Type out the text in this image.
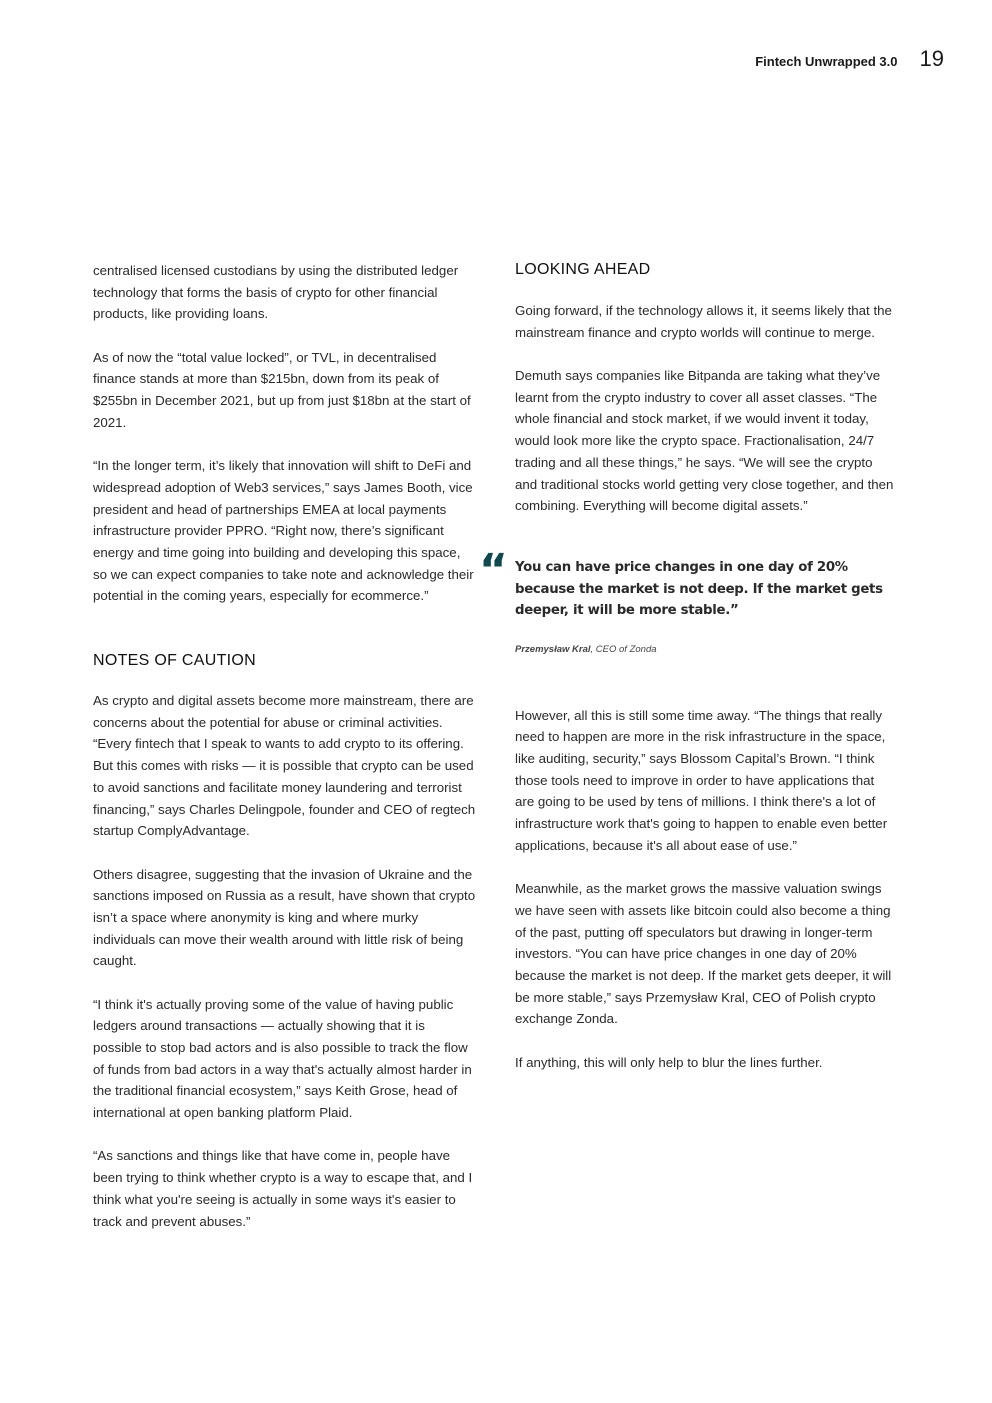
Fintech Unwrapped 3.0 19

centralised licensed custodians by using the distributed ledger technology that forms the basis of crypto for other financial products, like providing loans.

As of now the “total value locked”, or TVL, in decentralised finance stands at more than $215bn, down from its peak of $255bn in December 2021, but up from just $18bn at the start of 2021.

“In the longer term, it’s likely that innovation will shift to DeFi and widespread adoption of Web3 services,” says James Booth, vice president and head of partnerships EMEA at local payments infrastructure provider PPRO. “Right now, there’s significant energy and time going into building and developing this space, so we can expect companies to take note and acknowledge their potential in the coming years, especially for ecommerce.”

NOTES OF CAUTION

As crypto and digital assets become more mainstream, there are concerns about the potential for abuse or criminal activities. “Every fintech that I speak to wants to add crypto to its offering. But this comes with risks — it is possible that crypto can be used to avoid sanctions and facilitate money laundering and terrorist financing,” says Charles Delingpole, founder and CEO of regtech startup ComplyAdvantage.

Others disagree, suggesting that the invasion of Ukraine and the sanctions imposed on Russia as a result, have shown that crypto isn’t a space where anonymity is king and where murky individuals can move their wealth around with little risk of being caught.

“I think it's actually proving some of the value of having public ledgers around transactions — actually showing that it is possible to stop bad actors and is also possible to track the flow of funds from bad actors in a way that's actually almost harder in the traditional financial ecosystem,” says Keith Grose, head of international at open banking platform Plaid.

“As sanctions and things like that have come in, people have been trying to think whether crypto is a way to escape that, and I think what you're seeing is actually in some ways it's easier to track and prevent abuses.”

LOOKING AHEAD

Going forward, if the technology allows it, it seems likely that the mainstream finance and crypto worlds will continue to merge.

Demuth says companies like Bitpanda are taking what they’ve learnt from the crypto industry to cover all asset classes. “The whole financial and stock market, if we would invent it today, would look more like the crypto space. Fractionalisation, 24/7 trading and all these things,” he says. “We will see the crypto and traditional stocks world getting very close together, and then combining. Everything will become digital assets.”

“ You can have price changes in one day of 20% because the market is not deep. If the market gets deeper, it will be more stable.”

Przemysław Kral, CEO of Zonda

However, all this is still some time away. “The things that really need to happen are more in the risk infrastructure in the space, like auditing, security,” says Blossom Capital’s Brown. “I think those tools need to improve in order to have applications that are going to be used by tens of millions. I think there's a lot of infrastructure work that's going to happen to enable even better applications, because it's all about ease of use.”

Meanwhile, as the market grows the massive valuation swings we have seen with assets like bitcoin could also become a thing of the past, putting off speculators but drawing in longer-term investors. “You can have price changes in one day of 20% because the market is not deep. If the market gets deeper, it will be more stable,” says Przemysław Kral, CEO of Polish crypto exchange Zonda.

If anything, this will only help to blur the lines further.
